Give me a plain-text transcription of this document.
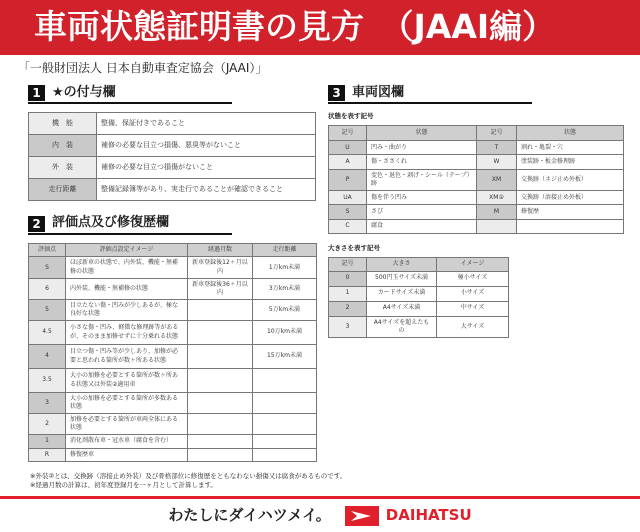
車両状態証明書の見方　（JAAI編）
「一般財団法人 日本自動車査定協会（JAAI）」
1 ★の付与欄
機　能	整備、保証付きであること
内　装	補修の必要な目立つ損傷、悪臭等がないこと
外　装	補修の必要な目立つ損傷がないこと
走行距離	整備記録簿等があり、実走行であることが確認できること
2 評価点及び修復歴欄
評価点	評価点設定イメージ	経過月数	走行距離
S	ほぼ新車の状態で、内外装、機能・無補修の状態	新車登録後12ヶ月以内	1万km未満
6	内外装、機能・無補修の状態	新車登録後36ヶ月以内	3万km未満
5	目立たない傷・凹みが少しあるが、極な良好な状態		5万km未満
4.5	小さな傷・凹み、軽微な修理跡等があるが、そのまま加修せずに十分乗れる状態		10万km未満
4	目立つ傷・凹み等が少しあり、加修が必要と思われる箇所が数ヶ所ある状態		15万km未満
3.5	大小の加修を必要とする箇所が数ヶ所ある状態又は外装②適用車		
3	大小の加修を必要とする箇所が多数ある状態		
2	加修を必要とする箇所が車両全体にある状態		
1	消化剤散布車・冠水車（腐食を含む）		
R	修復歴車		
3 車両図欄
状態を表す記号
記号	状態	記号	状態
U	凹み・曲がり	T	割れ・亀裂・穴
A	傷・ささくれ	W	塗装跡・板金修理跡
P	変色・退色・剥げ・シール（テープ）跡	XM	交換跡（ネジ止め外板）
UA	傷を伴う凹み	XM②	交換跡（溶接止め外板）
S	さび	M	修復歴
C	腐食		
大きさを表す記号
記号	大きさ	イメージ
0	500円玉サイズ未満	極小サイズ
1	カードサイズ未満	小サイズ
2	A4サイズ未満	中サイズ
3	A4サイズを超えたもの	大サイズ
※外装②とは、交換跡（溶接止め外装）及び骨格部位に修復歴をともなわない損傷又は腐食があるものです。
※経過月数の計算は、初年度登録月を一ヶ月として計算します。
わたしにダイハツメイ。	DAIHATSU
